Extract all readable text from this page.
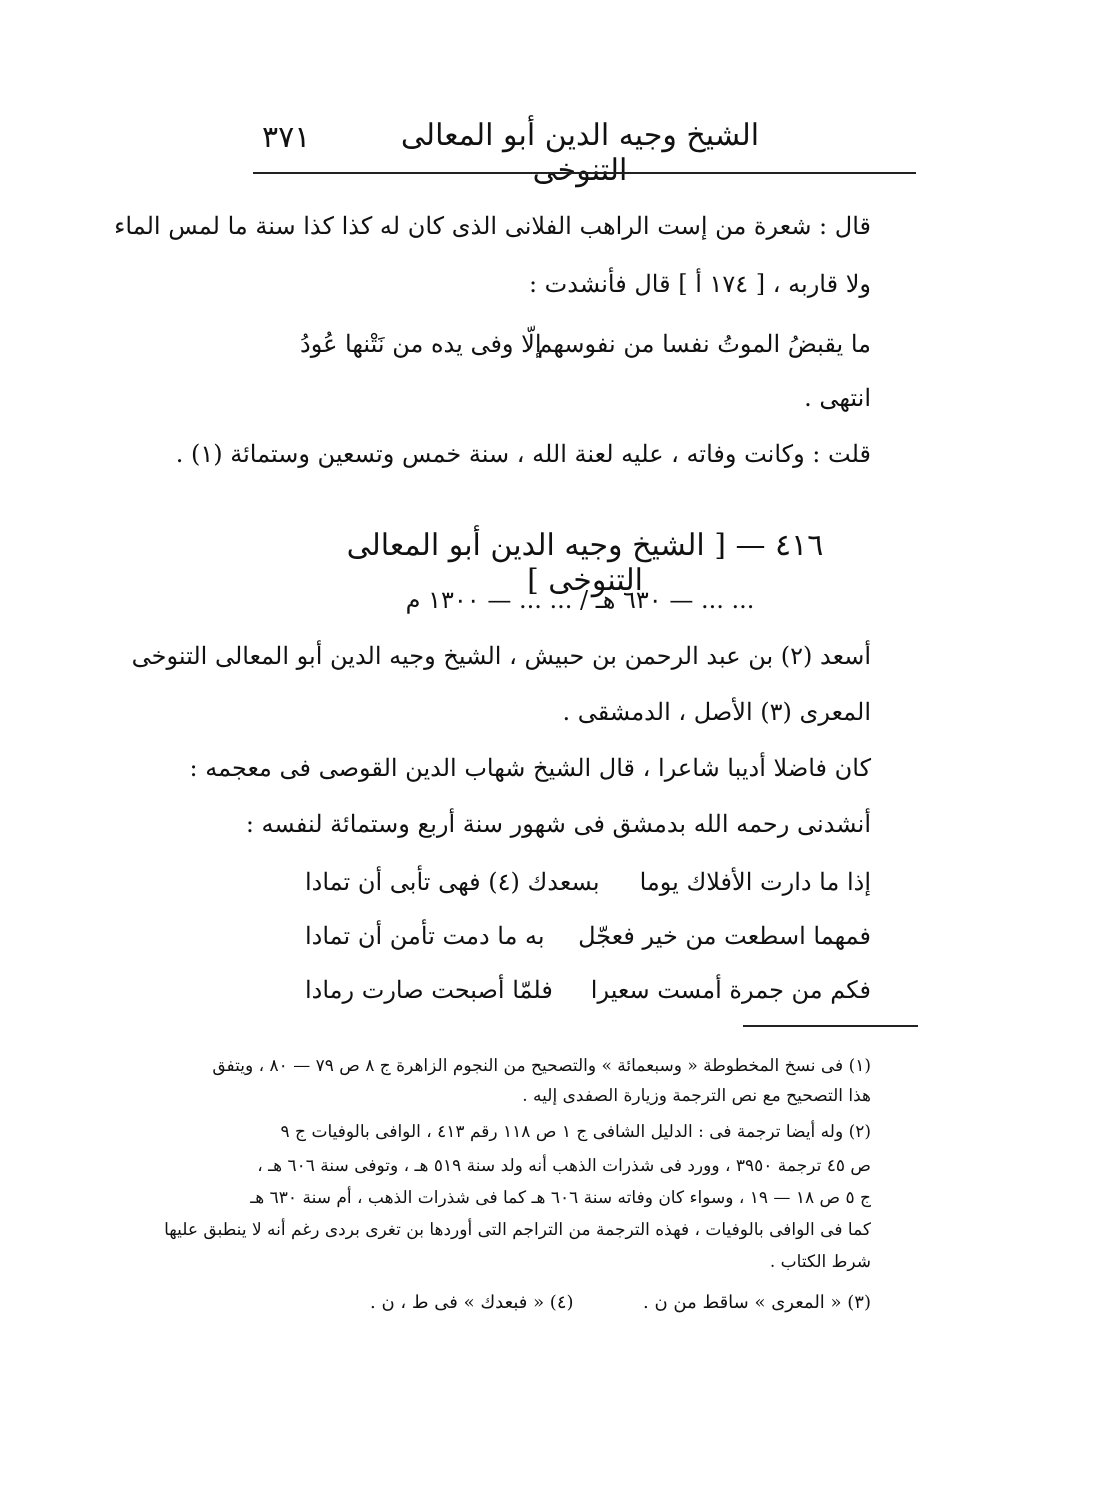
الشيخ وجيه الدين أبو المعالى التنوخى
٣٧١
قال : شعرة من إست الراهب الفلانى الذى كان له كذا كذا سنة ما لمس الماء
ولا قاربه ، [ ١٧٤ أ ] قال فأنشدت :
ما يقبضُ الموتُ نفسا من نفوسهم
إلّا وفى يده من نَتْنها عُودُ
انتهى .
قلت : وكانت وفاته ، عليه لعنة الله ، سنة خمس وتسعين وستمائة (١) .
٤١٦ — [ الشيخ وجيه الدين أبو المعالى التنوخى ]
... ... — ٦٣٠ هـ / ... ... — ١٣٠٠ م
أسعد (٢) بن عبد الرحمن بن حبيش ، الشيخ وجيه الدين أبو المعالى التنوخى
المعرى (٣) الأصل ، الدمشقى .
كان فاضلا أديبا شاعرا ، قال الشيخ شهاب الدين القوصى فى معجمه :
أنشدنى رحمه الله بدمشق فى شهور سنة أربع وستمائة لنفسه :
إذا ما دارت الأفلاك يوما
بسعدك (٤) فهى تأبى أن تمادا
فمهما اسطعت من خير فعجّل
به ما دمت تأمن أن تمادا
فكم من جمرة أمست سعيرا
فلمّا أصبحت صارت رمادا
(١) فى نسخ المخطوطة « وسبعمائة » والتصحيح من النجوم الزاهرة ج ٨ ص ٧٩ — ٨٠ ، ويتفق
هذا التصحيح مع نص الترجمة وزيارة الصفدى إليه .
(٢) وله أيضا ترجمة فى : الدليل الشافى ج ١ ص ١١٨ رقم ٤١٣ ، الوافى بالوفيات ج ٩
ص ٤٥ ترجمة ٣٩٥٠ ، وورد فى شذرات الذهب أنه ولد سنة ٥١٩ هـ ، وتوفى سنة ٦٠٦ هـ ،
ج ٥ ص ١٨ — ١٩ ، وسواء كان وفاته سنة ٦٠٦ هـ كما فى شذرات الذهب ، أم سنة ٦٣٠ هـ
كما فى الوافى بالوفيات ، فهذه الترجمة من التراجم التى أوردها بن تغرى بردى رغم أنه لا ينطبق عليها
شرط الكتاب .
(٣) « المعرى » ساقط من ن .
(٤) « فبعدك » فى ط ، ن .
